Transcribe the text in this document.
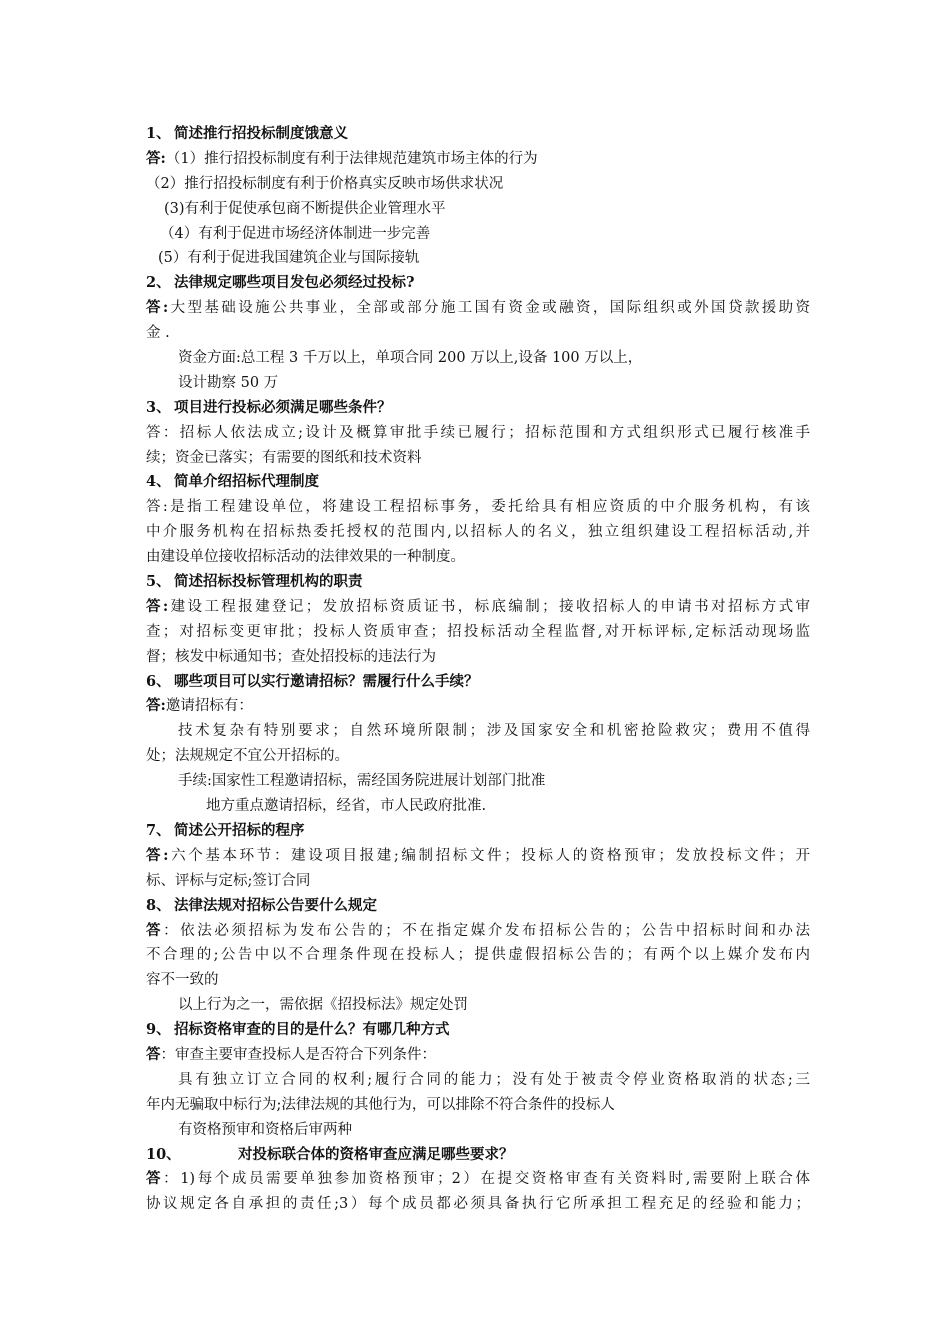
1、 简述推行招投标制度饿意义
答:（1）推行招投标制度有利于法律规范建筑市场主体的行为
（2）推行招投标制度有利于价格真实反映市场供求状况
(3)有利于促使承包商不断提供企业管理水平
（4）有利于促进市场经济体制进一步完善
(5）有利于促进我国建筑企业与国际接轨
2、 法律规定哪些项目发包必须经过投标?
答:大型基础设施公共事业，全部或部分施工国有资金或融资，国际组织或外国贷款援助资
金 .
资金方面:总工程 3 千万以上，单项合同 200 万以上,设备 100 万以上，
设计勘察 50 万
3、 项目进行投标必须满足哪些条件？
答：招标人依法成立;设计及概算审批手续已履行；招标范围和方式组织形式已履行核准手
续；资金已落实；有需要的图纸和技术资料
4、 简单介绍招标代理制度
答:是指工程建设单位，将建设工程招标事务，委托给具有相应资质的中介服务机构，有该
中介服务机构在招标热委托授权的范围内,以招标人的名义，独立组织建设工程招标活动,并
由建设单位接收招标活动的法律效果的一种制度。
5、 简述招标投标管理机构的职责
答:建设工程报建登记；发放招标资质证书，标底编制；接收招标人的申请书对招标方式审
查；对招标变更审批；投标人资质审查；招投标活动全程监督,对开标评标,定标活动现场监
督；核发中标通知书；查处招投标的违法行为
6、 哪些项目可以实行邀请招标？需履行什么手续？
答:邀请招标有：
技术复杂有特别要求；自然环境所限制；涉及国家安全和机密抢险救灾；费用不值得
处；法规规定不宜公开招标的。
手续:国家性工程邀请招标，需经国务院进展计划部门批准
地方重点邀请招标，经省，市人民政府批准.
7、 简述公开招标的程序
答:六个基本环节：建设项目报建;编制招标文件；投标人的资格预审；发放投标文件；开
标、评标与定标;签订合同
8、 法律法规对招标公告要什么规定
答：依法必须招标为发布公告的；不在指定媒介发布招标公告的；公告中招标时间和办法
不合理的;公告中以不合理条件现在投标人；提供虚假招标公告的；有两个以上媒介发布内
容不一致的
以上行为之一，需依据《招投标法》规定处罚
9、 招标资格审查的目的是什么？有哪几种方式
答：审查主要审查投标人是否符合下列条件：
具有独立订立合同的权利;履行合同的能力；没有处于被责令停业资格取消的状态;三
年内无骗取中标行为;法律法规的其他行为，可以排除不符合条件的投标人
有资格预审和资格后审两种
10、	对投标联合体的资格审查应满足哪些要求？
答：1)每个成员需要单独参加资格预审；2）在提交资格审查有关资料时,需要附上联合体
协议规定各自承担的责任;3）每个成员都必须具备执行它所承担工程充足的经验和能力；
